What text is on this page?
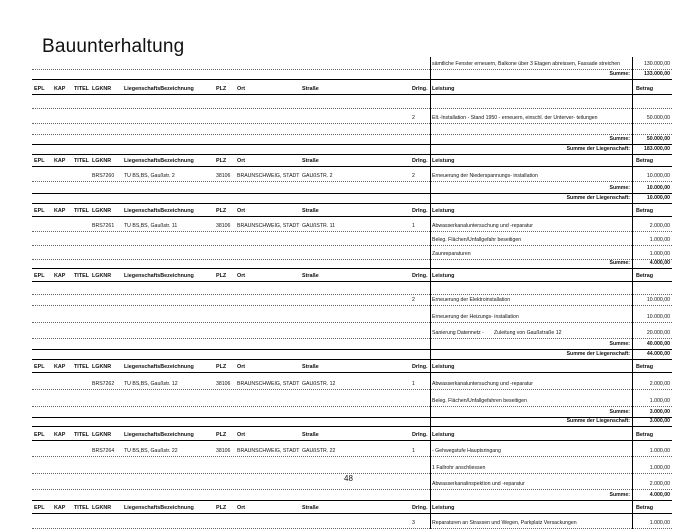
Bauunterhaltung
sämtliche Fenster erneuern, Balkone über 3 Etagen abreissen, Fassade streichen	130.000,00
Summe:	133.000,00
EPL KAP TITEL LGKNR LiegenschaftsBezeichnung	PLZ Ort	Straße	Drlng. Leistung	Betrag
2	Elt.-Installation - Stand 1950 - erneuern, einschl. der Unterver- teilungen	50.000,00
Summe:	50.000,00
Summe der Liegenschaft:	183.000,00
EPL KAP TITEL LGKNR LiegenschaftsBezeichnung	PLZ Ort	Straße	Drlng. Leistung	Betrag
BRS7260 TU BS,BS, Gaußstr. 2	38106 BRAUNSCHWEIG, STADT GAUßSTR. 2	2	Erneuerung der Niederspannungs- installation	10.000,00
Summe:	10.000,00
Summe der Liegenschaft:	10.000,00
EPL KAP TITEL LGKNR LiegenschaftsBezeichnung	PLZ Ort	Straße	Drlng. Leistung	Betrag
BRS7261 TU BS,BS, Gaußstr. 11	38106 BRAUNSCHWEIG, STADT GAUßSTR. 11	1	Abwasserkanaluntersuchung und -reparatur	2.000,00
Beleg. Flächen/Unfallgefahr beseitigen	1.000,00
Zaunreparaturen	1.000,00
Summe:	4.000,00
EPL KAP TITEL LGKNR LiegenschaftsBezeichnung	PLZ Ort	Straße	Drlng. Leistung	Betrag
2	Erneuerung der Elektroinstallation	10.000,00
Erneuerung der Heizungs- installation	10.000,00
Sanierung Datennetz - Zuleitung von Gaußstraße 12	20.000,00
Summe:	40.000,00
Summe der Liegenschaft:	44.000,00
EPL KAP TITEL LGKNR LiegenschaftsBezeichnung	PLZ Ort	Straße	Drlng. Leistung	Betrag
BRS7262 TU BS,BS, Gaußstr. 12	38106 BRAUNSCHWEIG, STADT GAUßSTR. 12	1	Abwasserkanaluntersuchung und -reparatur	2.000,00
Beleg. Flächen/Unfallgefahren beseitigen	1.000,00
Summe:	3.000,00
Summe der Liegenschaft:	3.000,00
EPL KAP TITEL LGKNR LiegenschaftsBezeichnung	PLZ Ort	Straße	Drlng. Leistung	Betrag
BRS7264 TU BS,BS, Gaußstr. 22	38106 BRAUNSCHWEIG, STADT GAUßSTR. 22	1	- Gehwegstufe Hauptsringang	1.000,00
1 Fallrohr anschliessen	1.000,00
Abwasserkanalinspektion und -reparatur	2.000,00
Summe:	4.000,00
EPL KAP TITEL LGKNR LiegenschaftsBezeichnung	PLZ Ort	Straße	Drlng. Leistung	Betrag
3	Reparaturen an Strassen und Wegen, Parkplatz Versackungen	1.000,00
48
